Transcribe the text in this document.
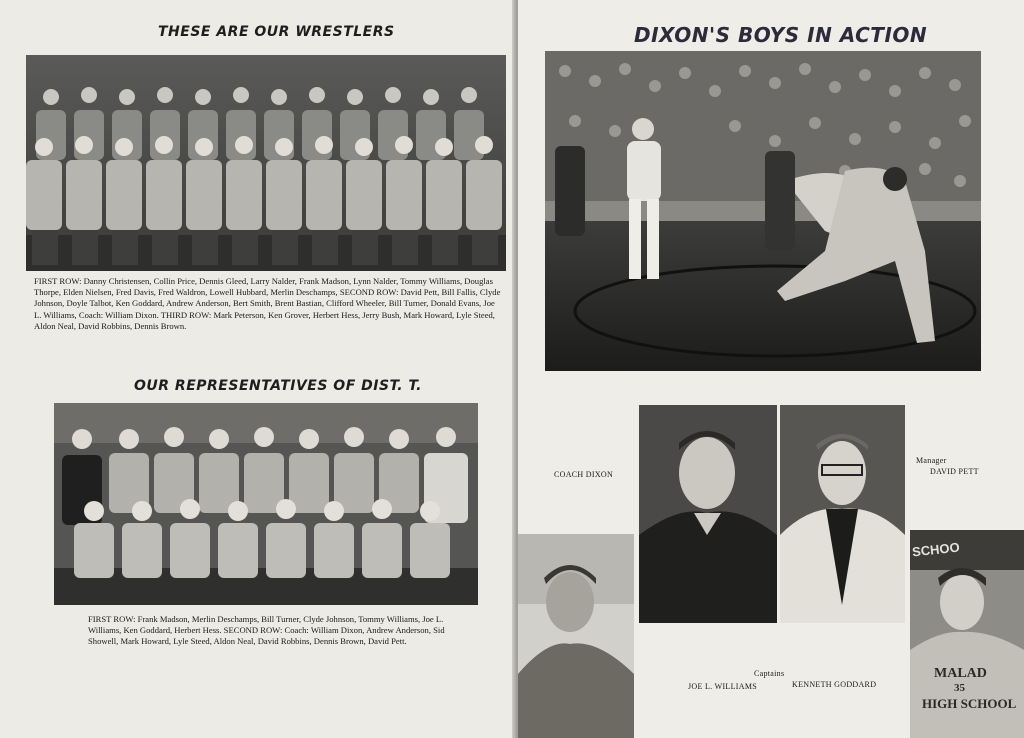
THESE ARE OUR WRESTLERS
FIRST ROW: Danny Christensen, Collin Price, Dennis Gleed, Larry Nalder, Frank Madson, Lynn Nalder, Tommy Williams, Douglas Thorpe, Elden Nielsen, Fred Davis, Fred Waldron, Lowell Hubbard, Merlin Deschamps, SECOND ROW: David Pett, Bill Fallis, Clyde Johnson, Doyle Talbot, Ken Goddard, Andrew Anderson, Bert Smith, Brent Bastian, Clifford Wheeler, Bill Turner, Donald Evans, Joe L. Williams, Coach: William Dixon. THIRD ROW: Mark Peterson, Ken Grover, Herbert Hess, Jerry Bush, Mark Howard, Lyle Steed, Aldon Neal, David Robbins, Dennis Brown.
OUR REPRESENTATIVES OF DIST. T.
FIRST ROW: Frank Madson, Merlin Deschamps, Bill Turner, Clyde Johnson, Tommy Williams, Joe L. Williams, Ken Goddard, Herbert Hess. SECOND ROW: Coach: William Dixon, Andrew Anderson, Sid Showell, Mark Howard, Lyle Steed, Aldon Neal, David Robbins, Dennis Brown, David Pett.
DIXON'S BOYS IN ACTION
COACH DIXON
Manager
DAVID PETT
SCHOO
MALAD
35
HIGH SCHOOL
Captains
JOE L. WILLIAMS	KENNETH GODDARD
